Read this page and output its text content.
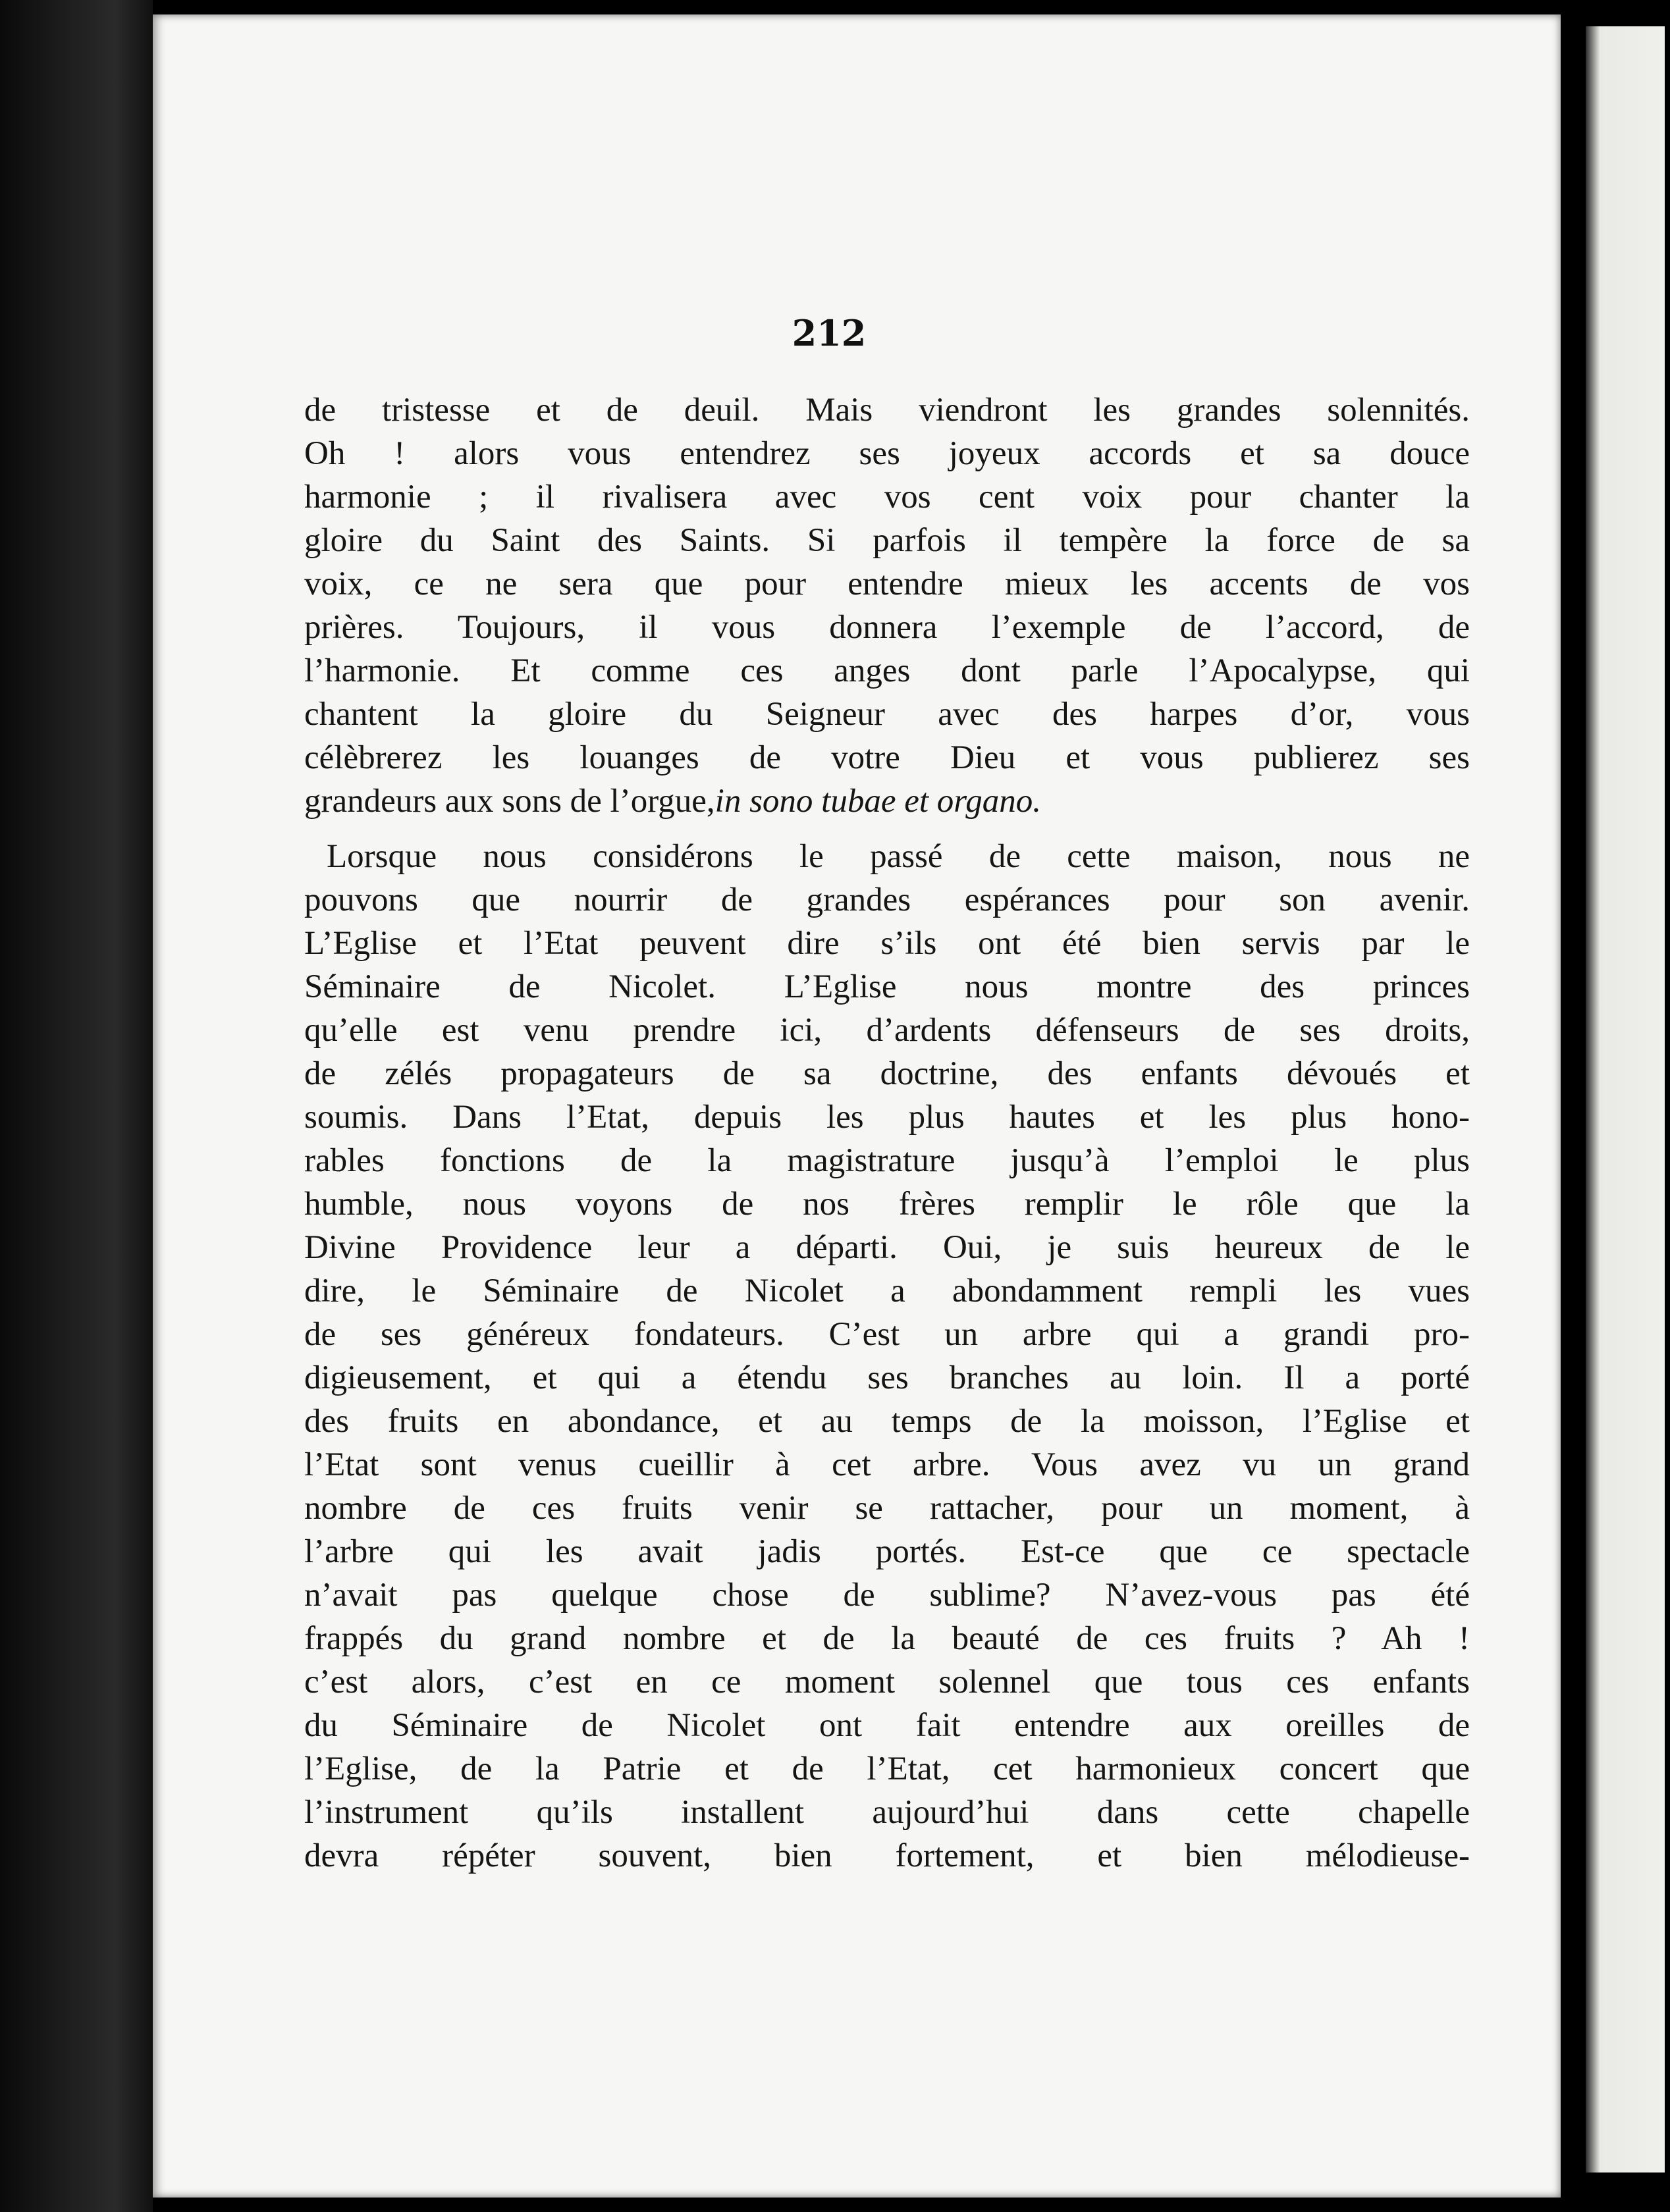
212

de tristesse et de deuil. Mais viendront les grandes solennités.
Oh ! alors vous entendrez ses joyeux accords et sa douce
harmonie ; il rivalisera avec vos cent voix pour chanter la
gloire du Saint des Saints. Si parfois il tempère la force de sa
voix, ce ne sera que pour entendre mieux les accents de vos
prières. Toujours, il vous donnera l’exemple de l’accord, de
l’harmonie. Et comme ces anges dont parle l’Apocalypse, qui
chantent la gloire du Seigneur avec des harpes d’or, vous
célèbrerez les louanges de votre Dieu et vous publierez ses
grandeurs aux sons de l’orgue,in sono tubae et organo.

Lorsque nous considérons le passé de cette maison, nous ne
pouvons que nourrir de grandes espérances pour son avenir.
L’Eglise et l’Etat peuvent dire s’ils ont été bien servis par le
Séminaire de Nicolet. L’Eglise nous montre des princes
qu’elle est venu prendre ici, d’ardents défenseurs de ses droits,
de zélés propagateurs de sa doctrine, des enfants dévoués et
soumis. Dans l’Etat, depuis les plus hautes et les plus hono-
rables fonctions de la magistrature jusqu’à l’emploi le plus
humble, nous voyons de nos frères remplir le rôle que la
Divine Providence leur a départi. Oui, je suis heureux de le
dire, le Séminaire de Nicolet a abondamment rempli les vues
de ses généreux fondateurs. C’est un arbre qui a grandi pro-
digieusement, et qui a étendu ses branches au loin. Il a porté
des fruits en abondance, et au temps de la moisson, l’Eglise et
l’Etat sont venus cueillir à cet arbre. Vous avez vu un grand
nombre de ces fruits venir se rattacher, pour un moment, à
l’arbre qui les avait jadis portés. Est-ce que ce spectacle
n’avait pas quelque chose de sublime? N’avez-vous pas été
frappés du grand nombre et de la beauté de ces fruits ? Ah !
c’est alors, c’est en ce moment solennel que tous ces enfants
du Séminaire de Nicolet ont fait entendre aux oreilles de
l’Eglise, de la Patrie et de l’Etat, cet harmonieux concert que
l’instrument qu’ils installent aujourd’hui dans cette chapelle
devra répéter souvent, bien fortement, et bien mélodieuse-
